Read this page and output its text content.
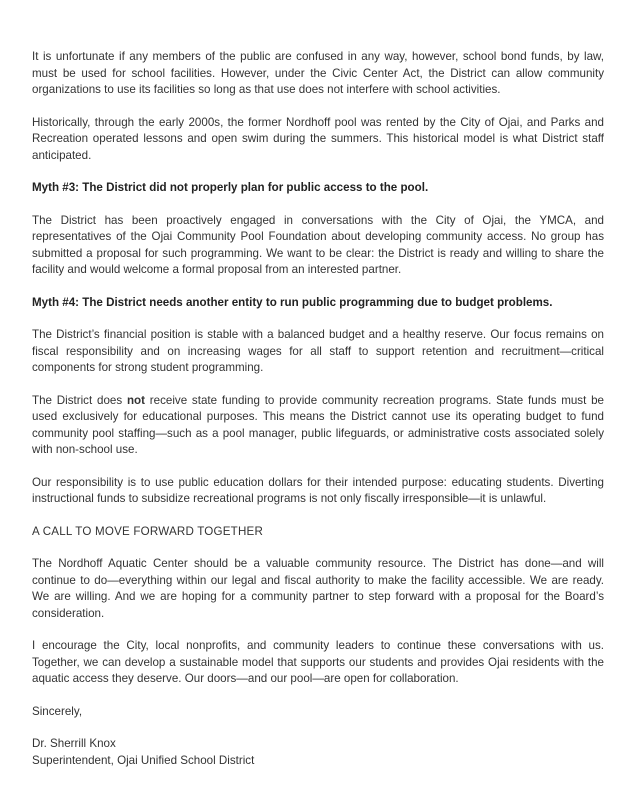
It is unfortunate if any members of the public are confused in any way, however, school bond funds, by law, must be used for school facilities. However, under the Civic Center Act, the District can allow community organizations to use its facilities so long as that use does not interfere with school activities.

Historically, through the early 2000s, the former Nordhoff pool was rented by the City of Ojai, and Parks and Recreation operated lessons and open swim during the summers. This historical model is what District staff anticipated.

Myth #3: The District did not properly plan for public access to the pool.

The District has been proactively engaged in conversations with the City of Ojai, the YMCA, and representatives of the Ojai Community Pool Foundation about developing community access. No group has submitted a proposal for such programming. We want to be clear: the District is ready and willing to share the facility and would welcome a formal proposal from an interested partner.

Myth #4: The District needs another entity to run public programming due to budget problems.

The District’s financial position is stable with a balanced budget and a healthy reserve. Our focus remains on fiscal responsibility and on increasing wages for all staff to support retention and recruitment—critical components for strong student programming.

The District does not receive state funding to provide community recreation programs. State funds must be used exclusively for educational purposes. This means the District cannot use its operating budget to fund community pool staffing—such as a pool manager, public lifeguards, or administrative costs associated solely with non-school use.

Our responsibility is to use public education dollars for their intended purpose: educating students. Diverting instructional funds to subsidize recreational programs is not only fiscally irresponsible—it is unlawful.

A CALL TO MOVE FORWARD TOGETHER

The Nordhoff Aquatic Center should be a valuable community resource. The District has done—and will continue to do—everything within our legal and fiscal authority to make the facility accessible. We are ready. We are willing. And we are hoping for a community partner to step forward with a proposal for the Board’s consideration.

I encourage the City, local nonprofits, and community leaders to continue these conversations with us. Together, we can develop a sustainable model that supports our students and provides Ojai residents with the aquatic access they deserve. Our doors—and our pool—are open for collaboration.

Sincerely,

Dr. Sherrill Knox

Superintendent, Ojai Unified School District
